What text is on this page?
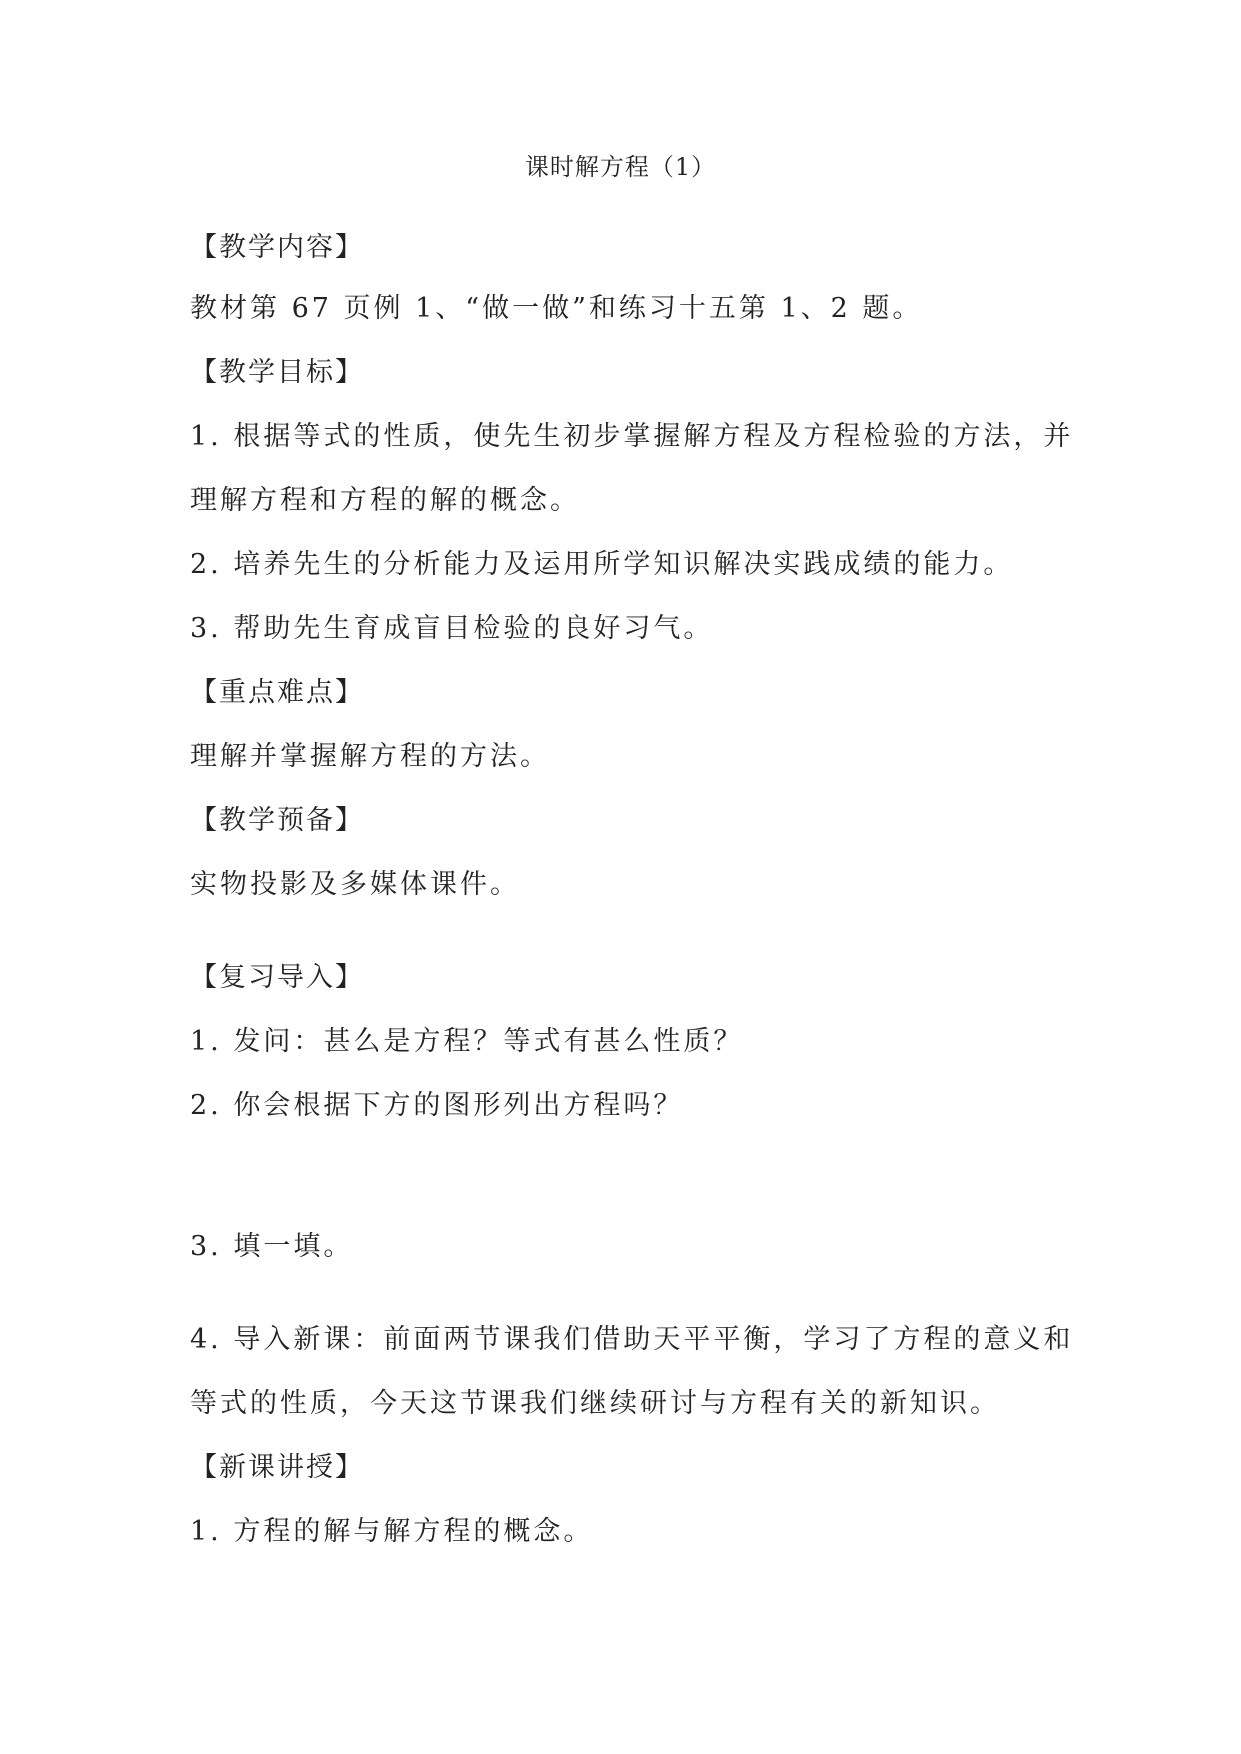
课时解方程（1）
【教学内容】
教材第 67 页例 1、“做一做”和练习十五第 1、2 题。
【教学目标】
1. 根据等式的性质，使先生初步掌握解方程及方程检验的方法，并
理解方程和方程的解的概念。
2. 培养先生的分析能力及运用所学知识解决实践成绩的能力。
3. 帮助先生育成盲目检验的良好习气。
【重点难点】
理解并掌握解方程的方法。
【教学预备】
实物投影及多媒体课件。
【复习导入】
1. 发问：甚么是方程？等式有甚么性质？
2. 你会根据下方的图形列出方程吗？
3. 填一填。
4. 导入新课：前面两节课我们借助天平平衡，学习了方程的意义和
等式的性质，今天这节课我们继续研讨与方程有关的新知识。
【新课讲授】
1. 方程的解与解方程的概念。
